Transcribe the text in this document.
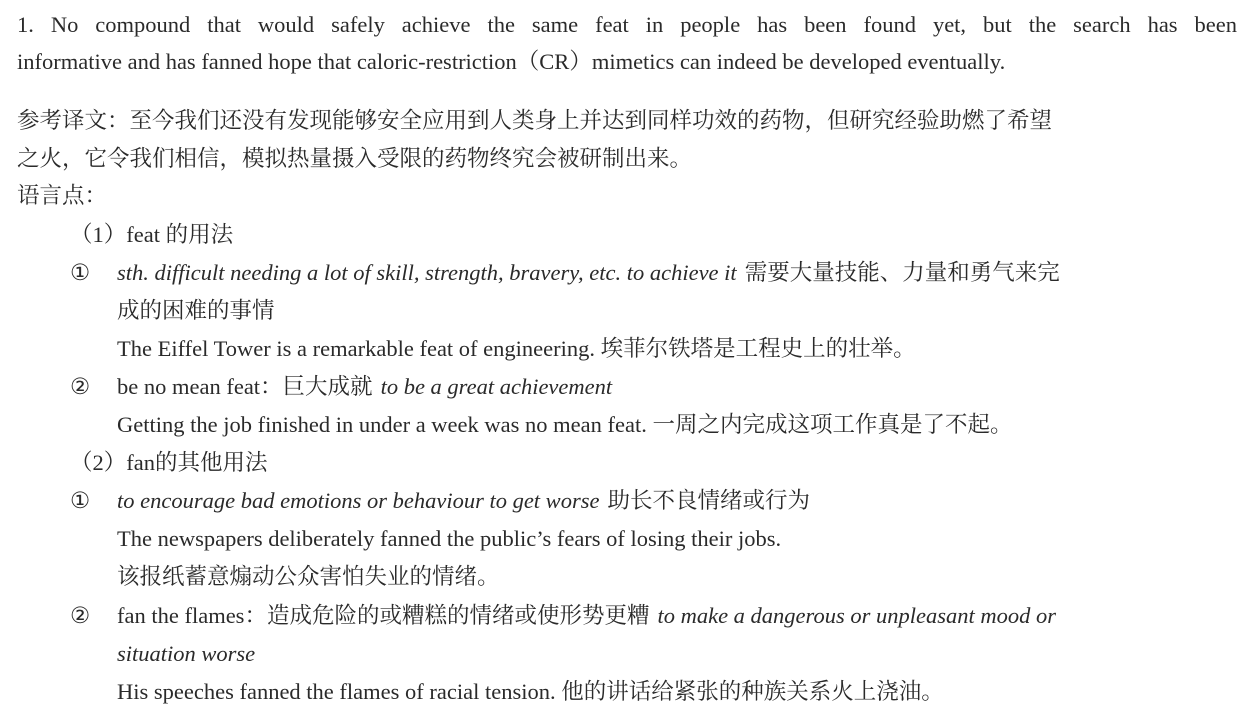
1. No compound that would safely achieve the same feat in people has been found yet, but the search has been
informative and has fanned hope that caloric-restriction（CR）mimetics can indeed be developed eventually.
参考译文：至今我们还没有发现能够安全应用到人类身上并达到同样功效的药物，但研究经验助燃了希望
之火，它令我们相信，模拟热量摄入受限的药物终究会被研制出来。
语言点：
（1）feat 的用法
① sth. difficult needing a lot of skill, strength, bravery, etc. to achieve it 需要大量技能、力量和勇气来完
成的困难的事情
The Eiffel Tower is a remarkable feat of engineering. 埃菲尔铁塔是工程史上的壮举。
② be no mean feat：巨大成就 to be a great achievement
Getting the job finished in under a week was no mean feat. 一周之内完成这项工作真是了不起。
（2）fan的其他用法
① to encourage bad emotions or behaviour to get worse 助长不良情绪或行为
The newspapers deliberately fanned the public’s fears of losing their jobs.
该报纸蓄意煽动公众害怕失业的情绪。
② fan the flames：造成危险的或糟糕的情绪或使形势更糟 to make a dangerous or unpleasant mood or
situation worse
His speeches fanned the flames of racial tension. 他的讲话给紧张的种族关系火上浇油。
